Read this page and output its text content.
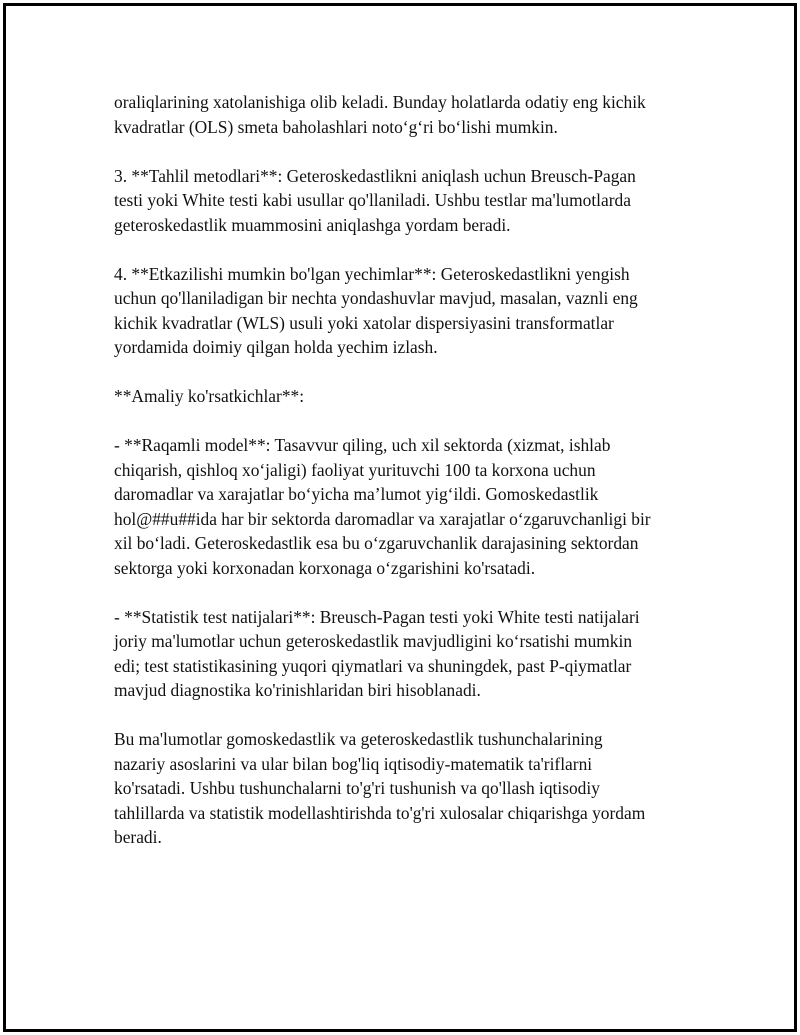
oraliqlarining xatolanishiga olib keladi. Bunday holatlarda odatiy eng kichik
kvadratlar (OLS) smeta baholashlari noto‘g‘ri bo‘lishi mumkin.

3. **Tahlil metodlari**: Geteroskedastlikni aniqlash uchun Breusch-Pagan
testi yoki White testi kabi usullar qo'llaniladi. Ushbu testlar ma'lumotlarda
geteroskedastlik muammosini aniqlashga yordam beradi.

4. **Etkazilishi mumkin bo'lgan yechimlar**: Geteroskedastlikni yengish
uchun qo'llaniladigan bir nechta yondashuvlar mavjud, masalan, vaznli eng
kichik kvadratlar (WLS) usuli yoki xatolar dispersiyasini transformatlar
yordamida doimiy qilgan holda yechim izlash.

**Amaliy ko'rsatkichlar**:

- **Raqamli model**: Tasavvur qiling, uch xil sektorda (xizmat, ishlab
chiqarish, qishloq xo‘jaligi) faoliyat yurituvchi 100 ta korxona uchun
daromadlar va xarajatlar bo‘yicha ma’lumot yig‘ildi. Gomoskedastlik
hol@##u##ida har bir sektorda daromadlar va xarajatlar o‘zgaruvchanligi bir
xil bo‘ladi. Geteroskedastlik esa bu o‘zgaruvchanlik darajasining sektordan
sektorga yoki korxonadan korxonaga o‘zgarishini ko'rsatadi.

- **Statistik test natijalari**: Breusch-Pagan testi yoki White testi natijalari
joriy ma'lumotlar uchun geteroskedastlik mavjudligini ko‘rsatishi mumkin
edi; test statistikasining yuqori qiymatlari va shuningdek, past P-qiymatlar
mavjud diagnostika ko'rinishlaridan biri hisoblanadi.

Bu ma'lumotlar gomoskedastlik va geteroskedastlik tushunchalarining
nazariy asoslarini va ular bilan bog'liq iqtisodiy-matematik ta'riflarni
ko'rsatadi. Ushbu tushunchalarni to'g'ri tushunish va qo'llash iqtisodiy
tahlillarda va statistik modellashtirishda to'g'ri xulosalar chiqarishga yordam
beradi.
